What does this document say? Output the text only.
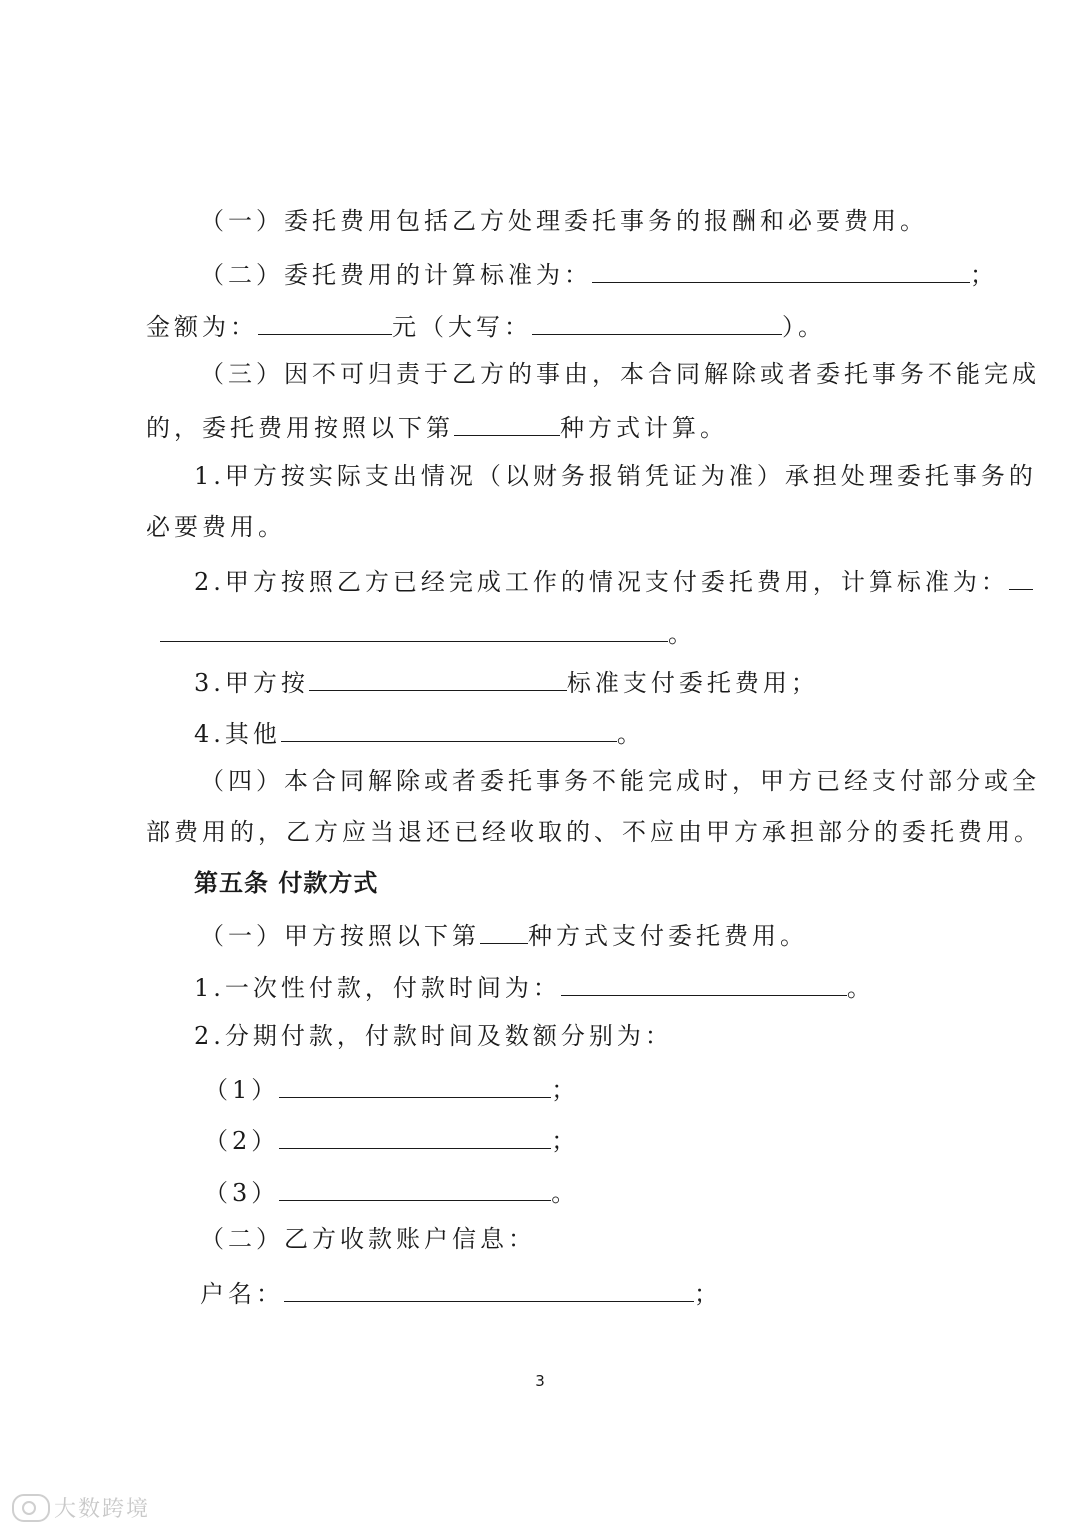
（一）委托费用包括乙方处理委托事务的报酬和必要费用。
（二）委托费用的计算标准为：	；
金额为：	元（大写：	）。
（三）因不可归责于乙方的事由，本合同解除或者委托事务不能完成
的，委托费用按照以下第	种方式计算。
1.甲方按实际支出情况（以财务报销凭证为准）承担处理委托事务的
必要费用。
2.甲方按照乙方已经完成工作的情况支付委托费用，计算标准为：
。
3.甲方按	标准支付委托费用；
4.其他	。
（四）本合同解除或者委托事务不能完成时，甲方已经支付部分或全
部费用的，乙方应当退还已经收取的、不应由甲方承担部分的委托费用。
第五条 付款方式
（一）甲方按照以下第 种方式支付委托费用。
1.一次性付款，付款时间为：	。
2.分期付款，付款时间及数额分别为：
（1）	；
（2）	；
（3）	。
（二）乙方收款账户信息：
户名：	；
3
大数跨境
